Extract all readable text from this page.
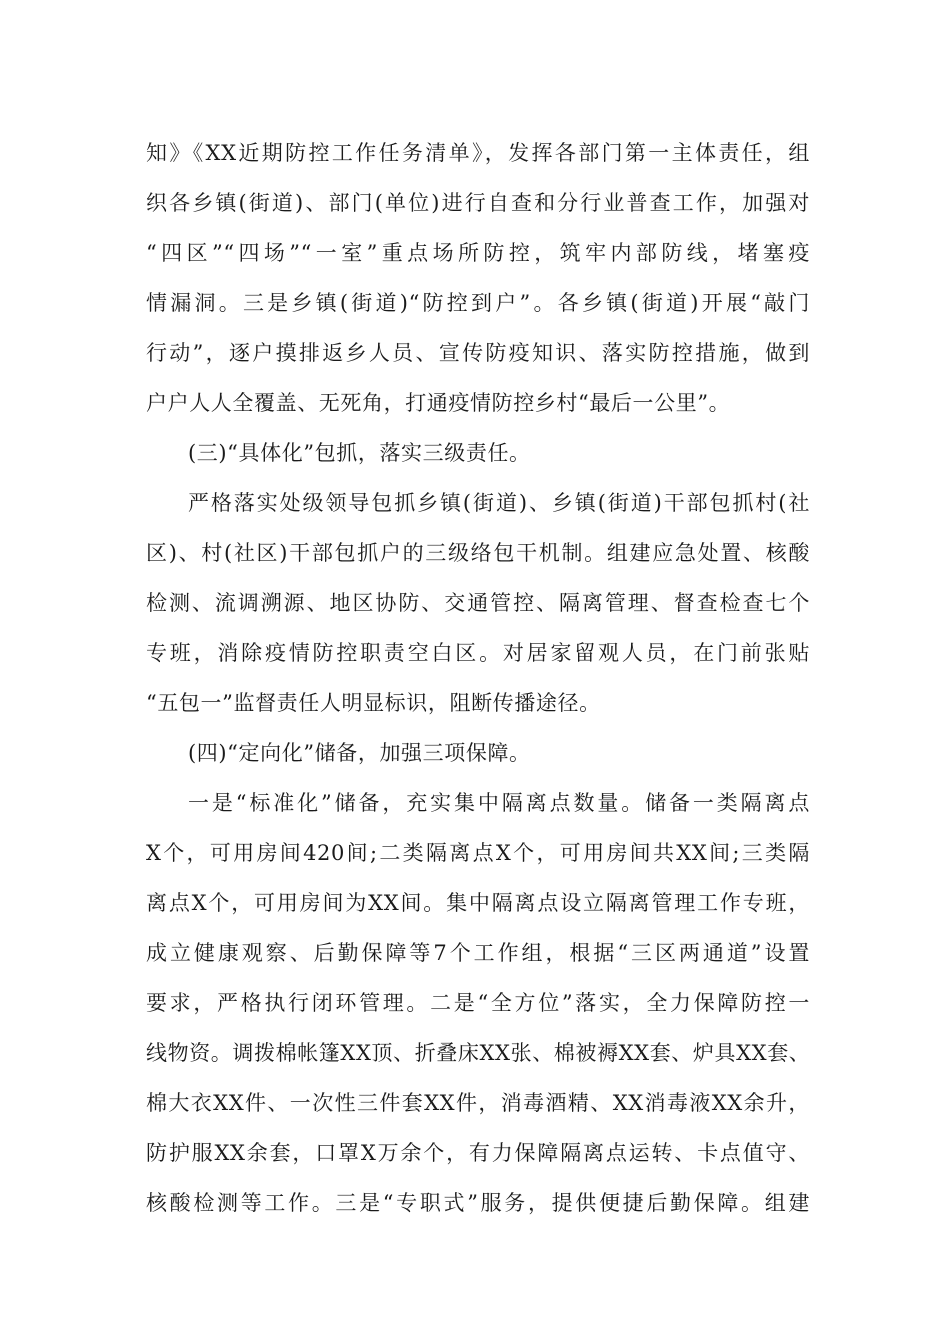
知》《XX近期防控工作任务清单》，发挥各部门第一主体责任，组
织各乡镇(街道)、部门(单位)进行自查和分行业普查工作，加强对
“四区”“四场”“一室”重点场所防控，筑牢内部防线，堵塞疫
情漏洞。三是乡镇(街道)“防控到户”。各乡镇(街道)开展“敲门
行动”，逐户摸排返乡人员、宣传防疫知识、落实防控措施，做到
户户人人全覆盖、无死角，打通疫情防控乡村“最后一公里”。
(三)“具体化”包抓，落实三级责任。
严格落实处级领导包抓乡镇(街道)、乡镇(街道)干部包抓村(社
区)、村(社区)干部包抓户的三级络包干机制。组建应急处置、核酸
检测、流调溯源、地区协防、交通管控、隔离管理、督查检查七个
专班，消除疫情防控职责空白区。对居家留观人员，在门前张贴
“五包一”监督责任人明显标识，阻断传播途径。
(四)“定向化”储备，加强三项保障。
一是“标准化”储备，充实集中隔离点数量。储备一类隔离点
X个，可用房间420间;二类隔离点X个，可用房间共XX间;三类隔
离点X个，可用房间为XX间。集中隔离点设立隔离管理工作专班，
成立健康观察、后勤保障等7个工作组，根据“三区两通道”设置
要求，严格执行闭环管理。二是“全方位”落实，全力保障防控一
线物资。调拨棉帐篷XX顶、折叠床XX张、棉被褥XX套、炉具XX套、
棉大衣XX件、一次性三件套XX件，消毒酒精、XX消毒液XX余升，
防护服XX余套，口罩X万余个，有力保障隔离点运转、卡点值守、
核酸检测等工作。三是“专职式”服务，提供便捷后勤保障。组建
